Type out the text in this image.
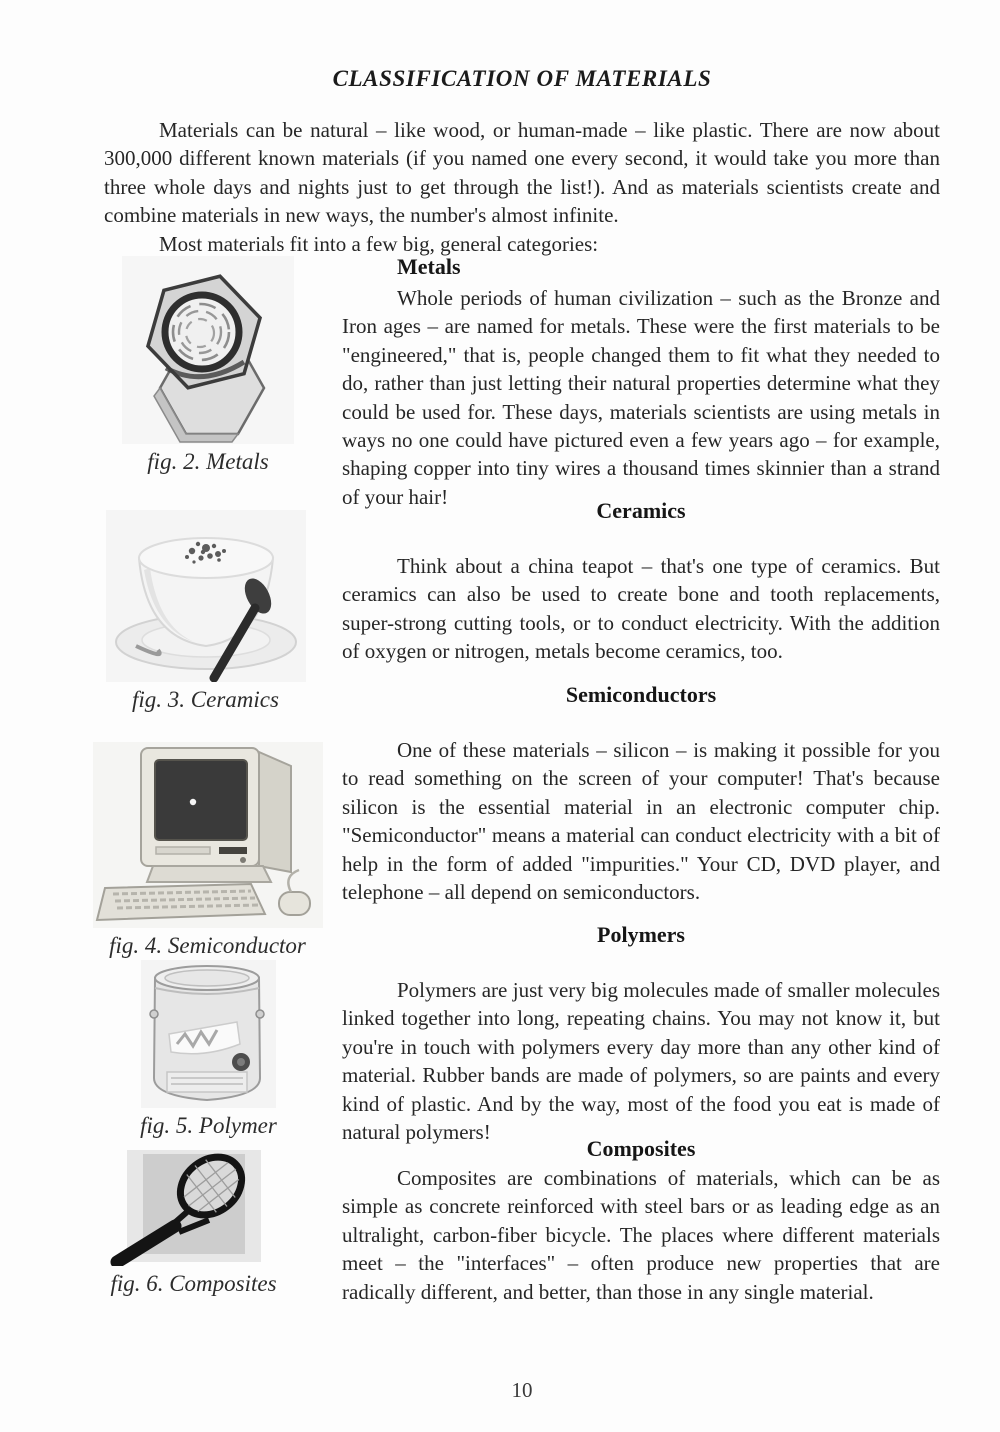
CLASSIFICATION OF MATERIALS

Materials can be natural – like wood, or human-made – like plastic. There are now about 300,000 different known materials (if you named one every second, it would take you more than three whole days and nights just to get through the list!). And as materials scientists create and combine materials in new ways, the number's almost infinite.

Most materials fit into a few big, general categories:

fig. 2. Metals
fig. 3. Ceramics
fig. 4. Semiconductor
fig. 5. Polymer
fig. 6. Composites
Metals

Whole periods of human civilization – such as the Bronze and Iron ages – are named for metals. These were the first materials to be "engineered," that is, people changed them to fit what they needed to do, rather than just letting their natural properties determine what they could be used for. These days, materials scientists are using metals in ways no one could have pictured even a few years ago – for example, shaping copper into tiny wires a thousand times skinnier than a strand of your hair!

Ceramics

Think about a china teapot – that's one type of ceramics. But ceramics can also be used to create bone and tooth replacements, super-strong cutting tools, or to conduct electricity. With the addition of oxygen or nitrogen, metals become ceramics, too.

Semiconductors

One of these materials – silicon – is making it possible for you to read something on the screen of your computer! That's because silicon is the essential material in an electronic computer chip. "Semiconductor" means a material can conduct electricity with a bit of help in the form of added "impurities." Your CD, DVD player, and telephone – all depend on semiconductors.

Polymers

Polymers are just very big molecules made of smaller molecules linked together into long, repeating chains. You may not know it, but you're in touch with polymers every day more than any other kind of material. Rubber bands are made of polymers, so are paints and every kind of plastic. And by the way, most of the food you eat is made of natural polymers!

Composites

Composites are combinations of materials, which can be as simple as concrete reinforced with steel bars or as leading edge as an ultralight, carbon-fiber bicycle. The places where different materials meet – the "interfaces" – often produce new properties that are radically different, and better, than those in any single material.

10
